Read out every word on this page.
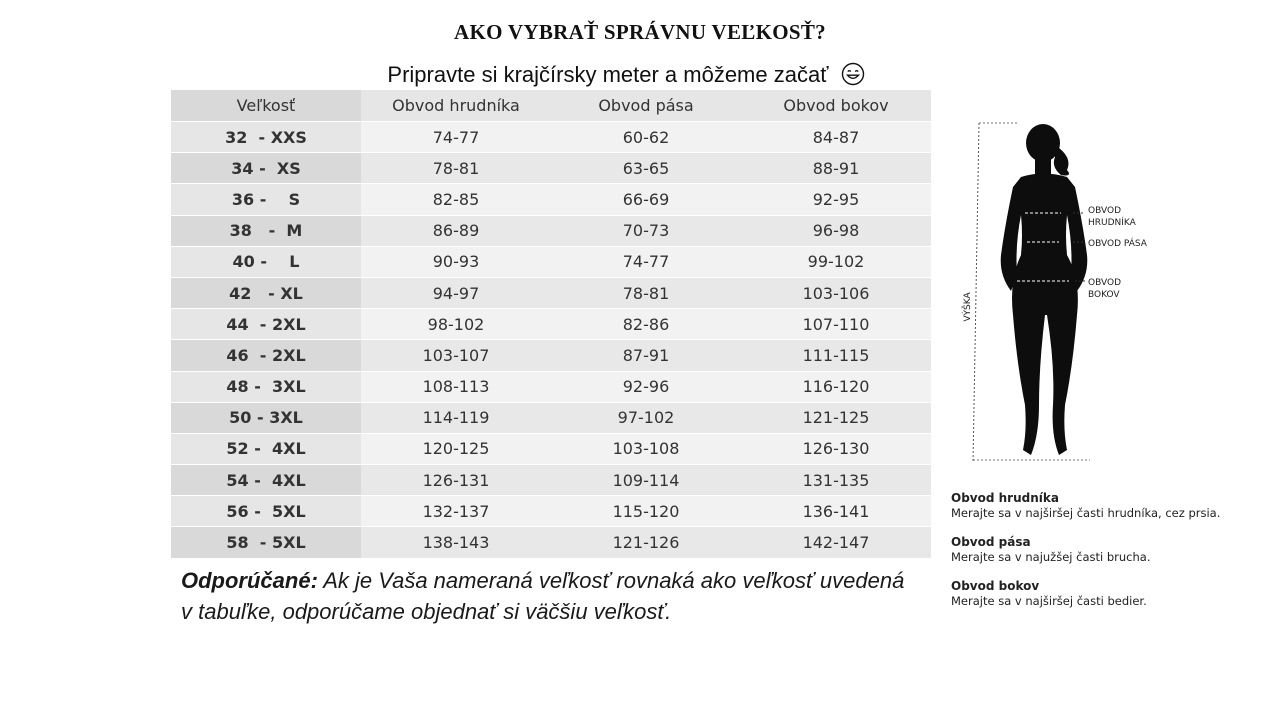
AKO VYBRAŤ SPRÁVNU VEĽKOSŤ?
Pripravte si krajčírsky meter a môžeme začať
Veľkosť	Obvod hrudníka	Obvod pása	Obvod bokov
32  - XXS	74-77	60-62	84-87
34 -  XS	78-81	63-65	88-91
36 -    S	82-85	66-69	92-95
38   -  M	86-89	70-73	96-98
40 -    L	90-93	74-77	99-102
42   - XL	94-97	78-81	103-106
44  - 2XL	98-102	82-86	107-110
46  - 2XL	103-107	87-91	111-115
48 -  3XL	108-113	92-96	116-120
50 - 3XL	114-119	97-102	121-125
52 -  4XL	120-125	103-108	126-130
54 -  4XL	126-131	109-114	131-135
56 -  5XL	132-137	115-120	136-141
58  - 5XL	138-143	121-126	142-147
Odporúčané: Ak je Vaša nameraná veľkosť rovnaká ako veľkosť uvedená v tabuľke, odporúčame objednať si väčšiu veľkosť.
VÝŠKA
OBVOD
HRUDNÍKA
OBVOD PÁSA
OBVOD
BOKOV
Obvod hrudníka
Merajte sa v najširšej časti hrudníka, cez prsia.
Obvod pása
Merajte sa v najužšej časti brucha.
Obvod bokov
Merajte sa v najširšej časti bedier.
